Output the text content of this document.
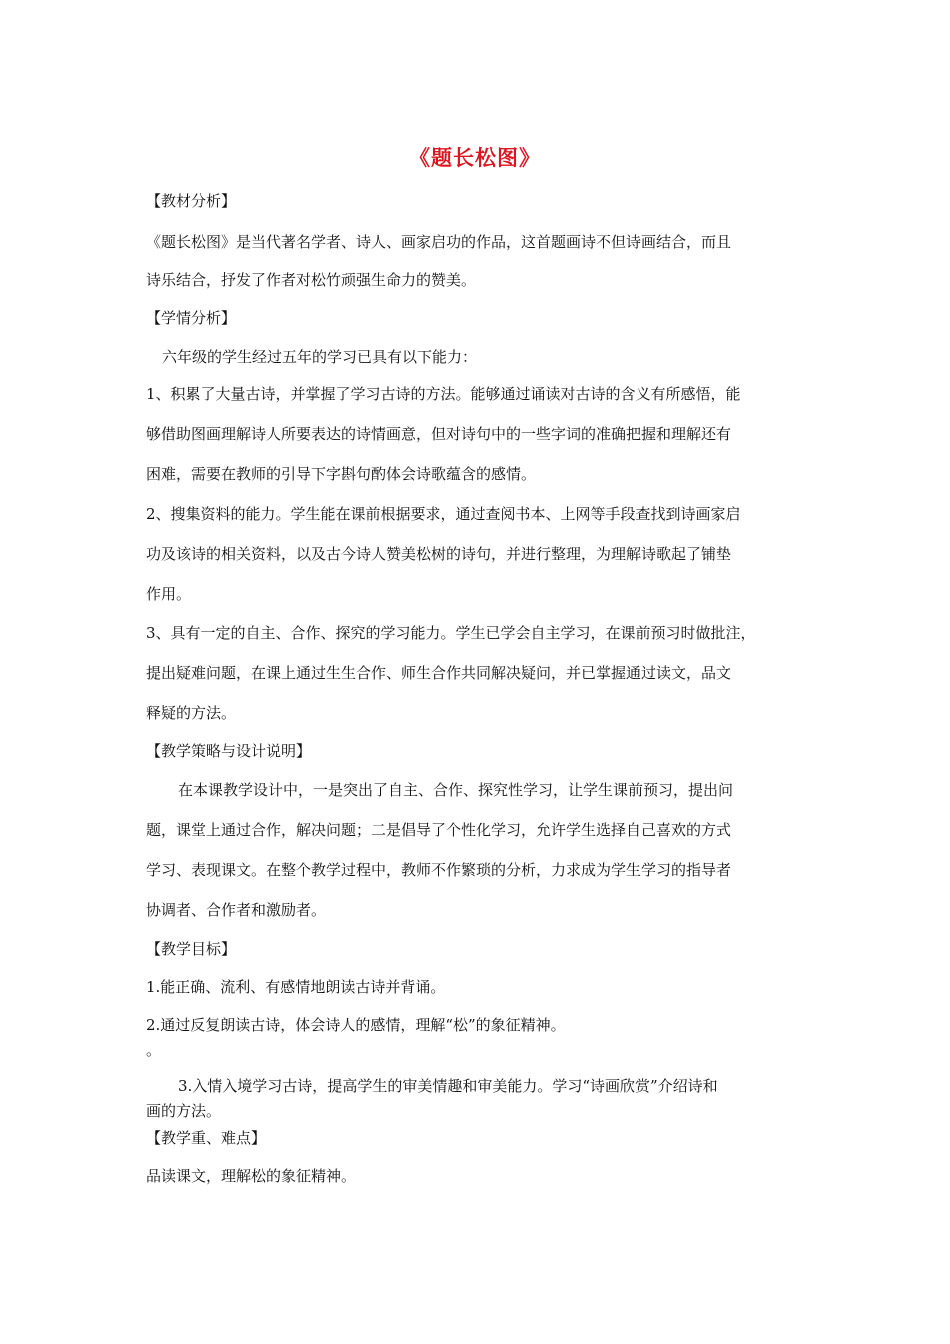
《题长松图》
【教材分析】
《题长松图》是当代著名学者、诗人、画家启功的作品，这首题画诗不但诗画结合，而且
诗乐结合，抒发了作者对松竹顽强生命力的赞美。
【学情分析】
六年级的学生经过五年的学习已具有以下能力：
1、积累了大量古诗，并掌握了学习古诗的方法。能够通过诵读对古诗的含义有所感悟，能
够借助图画理解诗人所要表达的诗情画意，但对诗句中的一些字词的准确把握和理解还有
困难，需要在教师的引导下字斟句酌体会诗歌蕴含的感情。
2、搜集资料的能力。学生能在课前根据要求，通过查阅书本、上网等手段查找到诗画家启
功及该诗的相关资料，以及古今诗人赞美松树的诗句，并进行整理，为理解诗歌起了铺垫
作用。
3、具有一定的自主、合作、探究的学习能力。学生已学会自主学习，在课前预习时做批注，
提出疑难问题，在课上通过生生合作、师生合作共同解决疑问，并已掌握通过读文，品文
释疑的方法。
【教学策略与设计说明】
在本课教学设计中，一是突出了自主、合作、探究性学习，让学生课前预习，提出问
题，课堂上通过合作，解决问题；二是倡导了个性化学习，允许学生选择自己喜欢的方式
学习、表现课文。在整个教学过程中，教师不作繁琐的分析，力求成为学生学习的指导者
协调者、合作者和激励者。
【教学目标】
1.能正确、流利、有感情地朗读古诗并背诵。
2.通过反复朗读古诗，体会诗人的感情，理解“松”的象征精神。
。
3.入情入境学习古诗，提高学生的审美情趣和审美能力。学习“诗画欣赏”介绍诗和
画的方法。
【教学重、难点】
品读课文，理解松的象征精神。
